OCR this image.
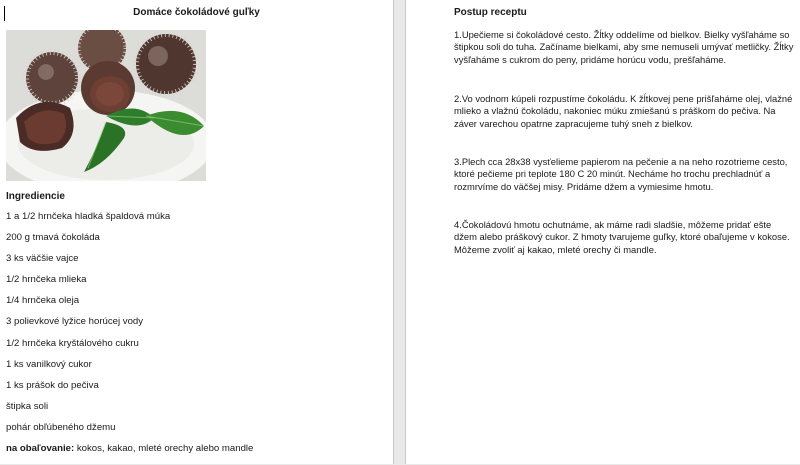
Domáce čokoládové guľky
Ingrediencie
1 a 1/2 hrnčeka hladká špaldová múka
200 g tmavá čokoláda
3 ks väčšie vajce
1/2 hrnčeka mlieka
1/4 hrnčeka oleja
3 polievkové lyžice horúcej vody
1/2 hrnčeka kryštálového cukru
1 ks vanilkový cukor
1 ks prášok do pečiva
štipka soli
pohár obľúbeného džemu
na obaľovanie: kokos, kakao, mleté orechy alebo mandle
Postup receptu

1.Upečieme si čokoládové cesto. Žĺtky oddelíme od bielkov. Bielky vyšľaháme so štipkou soli do tuha. Začíname bielkami, aby sme nemuseli umývať metličky. Žĺtky vyšľaháme s cukrom do peny, pridáme horúcu vodu, prešľaháme.

2.Vo vodnom kúpeli rozpustíme čokoládu. K žĺtkovej pene prišľaháme olej, vlažné mlieko a vlažnú čokoládu, nakoniec múku zmiešanú s práškom do pečiva. Na záver varechou opatrne zapracujeme tuhý sneh z bielkov.

3.Plech cca 28x38 vysťelieme papierom na pečenie a na neho rozotrieme cesto, ktoré pečieme pri teplote 180 C 20 minút. Necháme ho trochu prechladnúť a rozmrvíme do väčšej misy. Pridáme džem a vymiesime hmotu.

4.Čokoládovú hmotu ochutnáme, ak máme radi sladšie, môžeme pridať ešte džem alebo práškový cukor. Z hmoty tvarujeme guľky, ktoré obaľujeme v kokose. Môžeme zvoliť aj kakao, mleté orechy či mandle.
